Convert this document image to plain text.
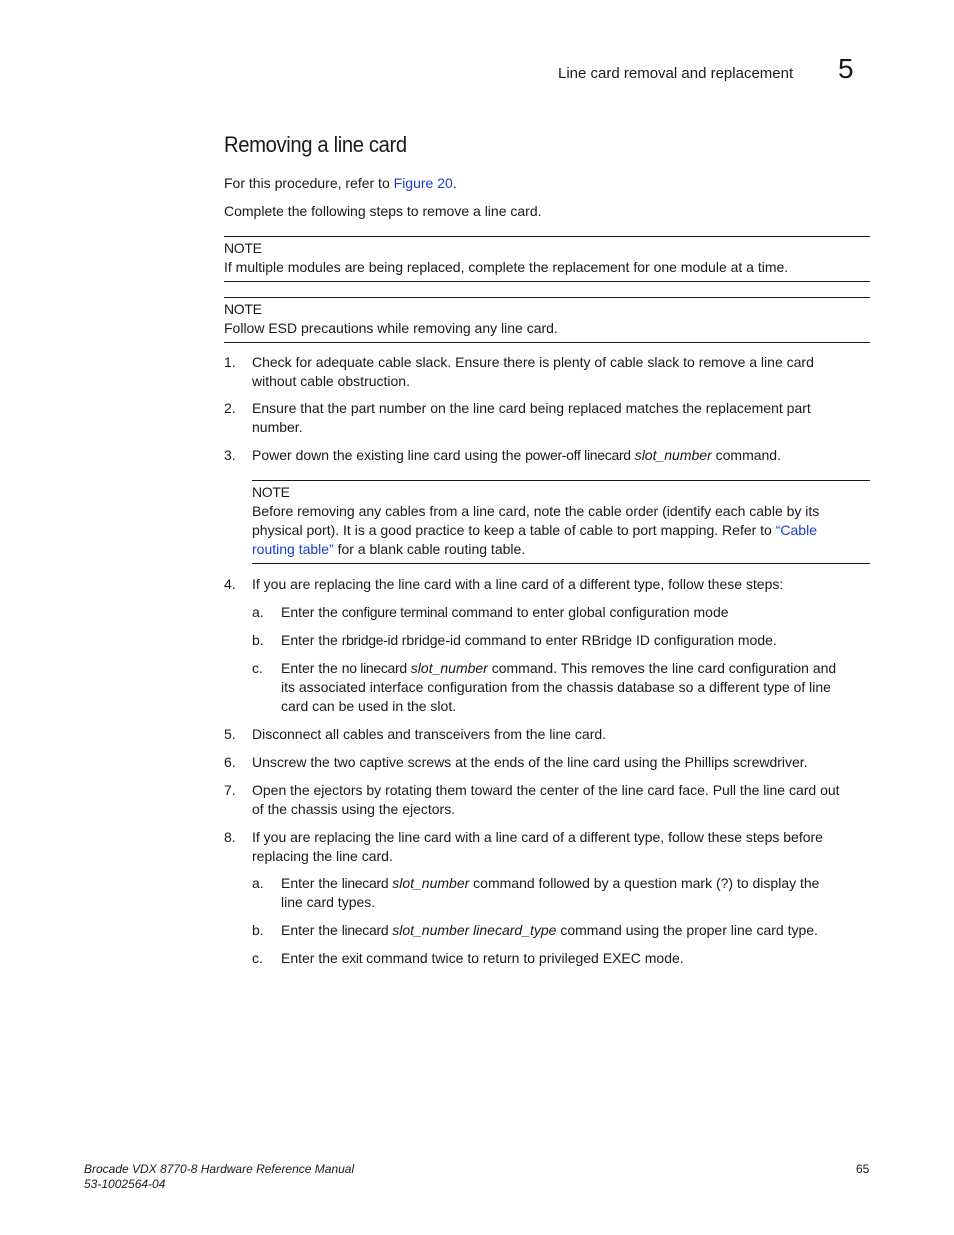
Line card removal and replacement 5
Removing a line card

For this procedure, refer to Figure 20.

Complete the following steps to remove a line card.

NOTE
If multiple modules are being replaced, complete the replacement for one module at a time.
NOTE
Follow ESD precautions while removing any line card.
1. Check for adequate cable slack. Ensure there is plenty of cable slack to remove a line card
without cable obstruction.
2. Ensure that the part number on the line card being replaced matches the replacement part
number.
3. Power down the existing line card using the power-off linecard slot_number command.
NOTE
Before removing any cables from a line card, note the cable order (identify each cable by its
physical port). It is a good practice to keep a table of cable to port mapping. Refer to “Cable
routing table” for a blank cable routing table.
4. If you are replacing the line card with a line card of a different type, follow these steps:
a. Enter the configure terminal command to enter global configuration mode
b. Enter the rbridge-id rbridge-id command to enter RBridge ID configuration mode.
c. Enter the no linecard slot_number command. This removes the line card configuration and
its associated interface configuration from the chassis database so a different type of line
card can be used in the slot.
5. Disconnect all cables and transceivers from the line card.
6. Unscrew the two captive screws at the ends of the line card using the Phillips screwdriver.
7. Open the ejectors by rotating them toward the center of the line card face. Pull the line card out
of the chassis using the ejectors.
8. If you are replacing the line card with a line card of a different type, follow these steps before
replacing the line card.
a. Enter the linecard slot_number command followed by a question mark (?) to display the
line card types.
b. Enter the linecard slot_number linecard_type command using the proper line card type.
c. Enter the exit command twice to return to privileged EXEC mode.
Brocade VDX 8770-8 Hardware Reference Manual
53-1002564-04
65
